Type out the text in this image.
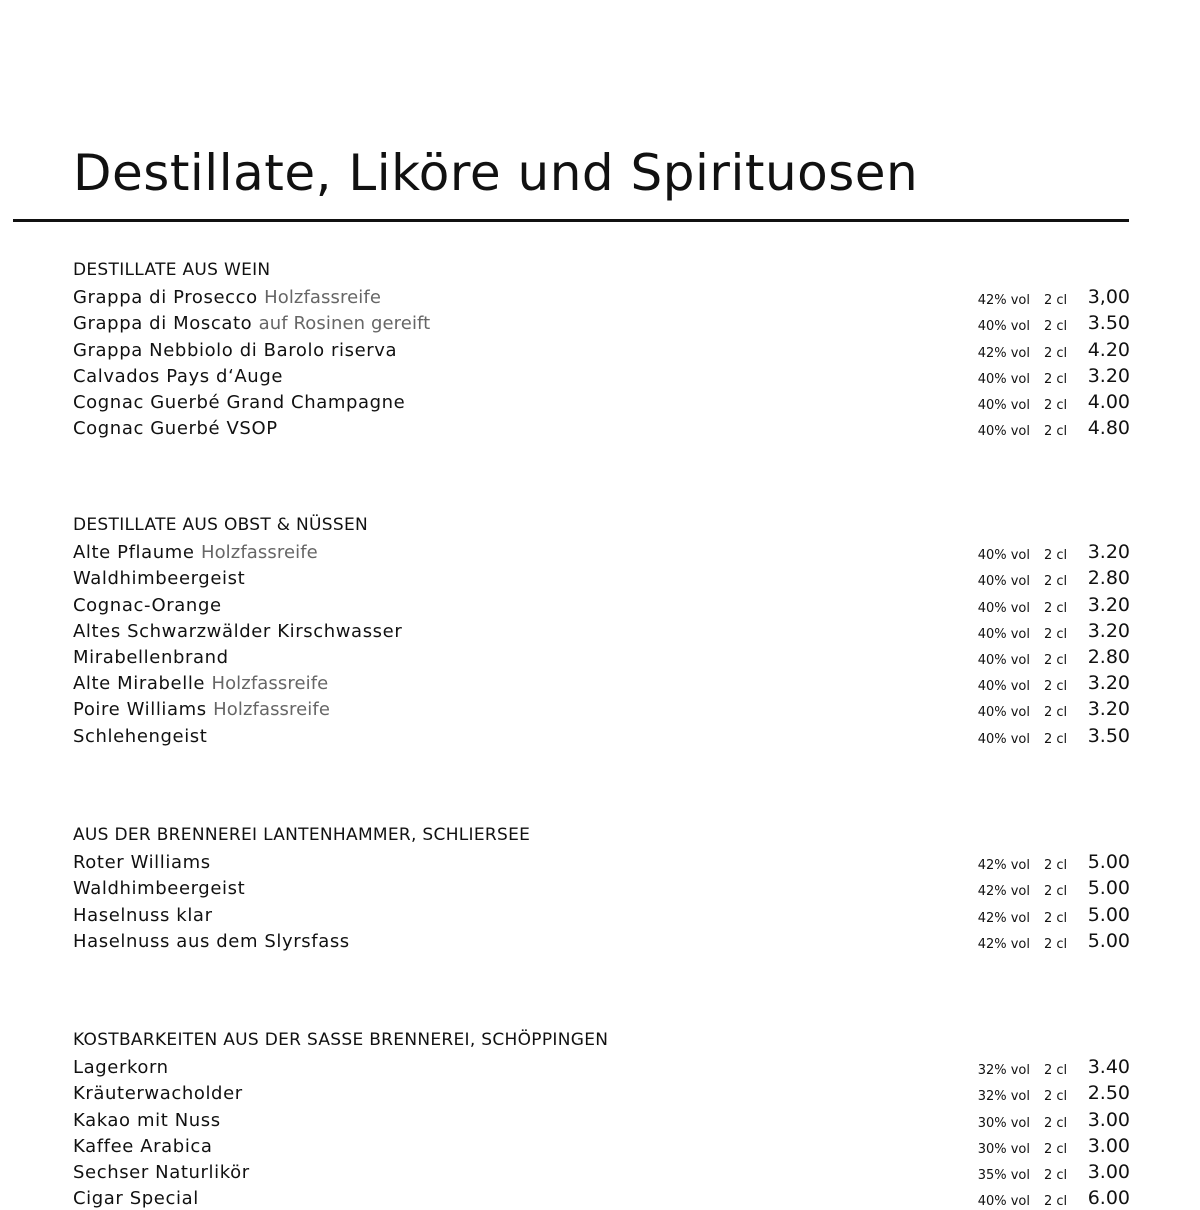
Destillate, Liköre und Spirituosen
DESTILLATE AUS WEIN
Grappa di Prosecco Holzfassreife	42% vol 2 cl 3,00
Grappa di Moscato auf Rosinen gereift	40% vol 2 cl 3.50
Grappa Nebbiolo di Barolo riserva	42% vol 2 cl 4.20
Calvados Pays d‘Auge	40% vol 2 cl 3.20
Cognac Guerbé Grand Champagne	40% vol 2 cl 4.00
Cognac Guerbé VSOP	40% vol 2 cl 4.80
DESTILLATE AUS OBST & NÜSSEN
Alte Pflaume Holzfassreife	40% vol 2 cl 3.20
Waldhimbeergeist	40% vol 2 cl 2.80
Cognac-Orange	40% vol 2 cl 3.20
Altes Schwarzwälder Kirschwasser	40% vol 2 cl 3.20
Mirabellenbrand	40% vol 2 cl 2.80
Alte Mirabelle Holzfassreife	40% vol 2 cl 3.20
Poire Williams Holzfassreife	40% vol 2 cl 3.20
Schlehengeist	40% vol 2 cl 3.50
AUS DER BRENNEREI LANTENHAMMER, SCHLIERSEE
Roter Williams	42% vol 2 cl 5.00
Waldhimbeergeist	42% vol 2 cl 5.00
Haselnuss klar	42% vol 2 cl 5.00
Haselnuss aus dem Slyrsfass	42% vol 2 cl 5.00
KOSTBARKEITEN AUS DER SASSE BRENNEREI, SCHÖPPINGEN
Lagerkorn	32% vol 2 cl 3.40
Kräuterwacholder	32% vol 2 cl 2.50
Kakao mit Nuss	30% vol 2 cl 3.00
Kaffee Arabica	30% vol 2 cl 3.00
Sechser Naturlikör	35% vol 2 cl 3.00
Cigar Special	40% vol 2 cl 6.00
